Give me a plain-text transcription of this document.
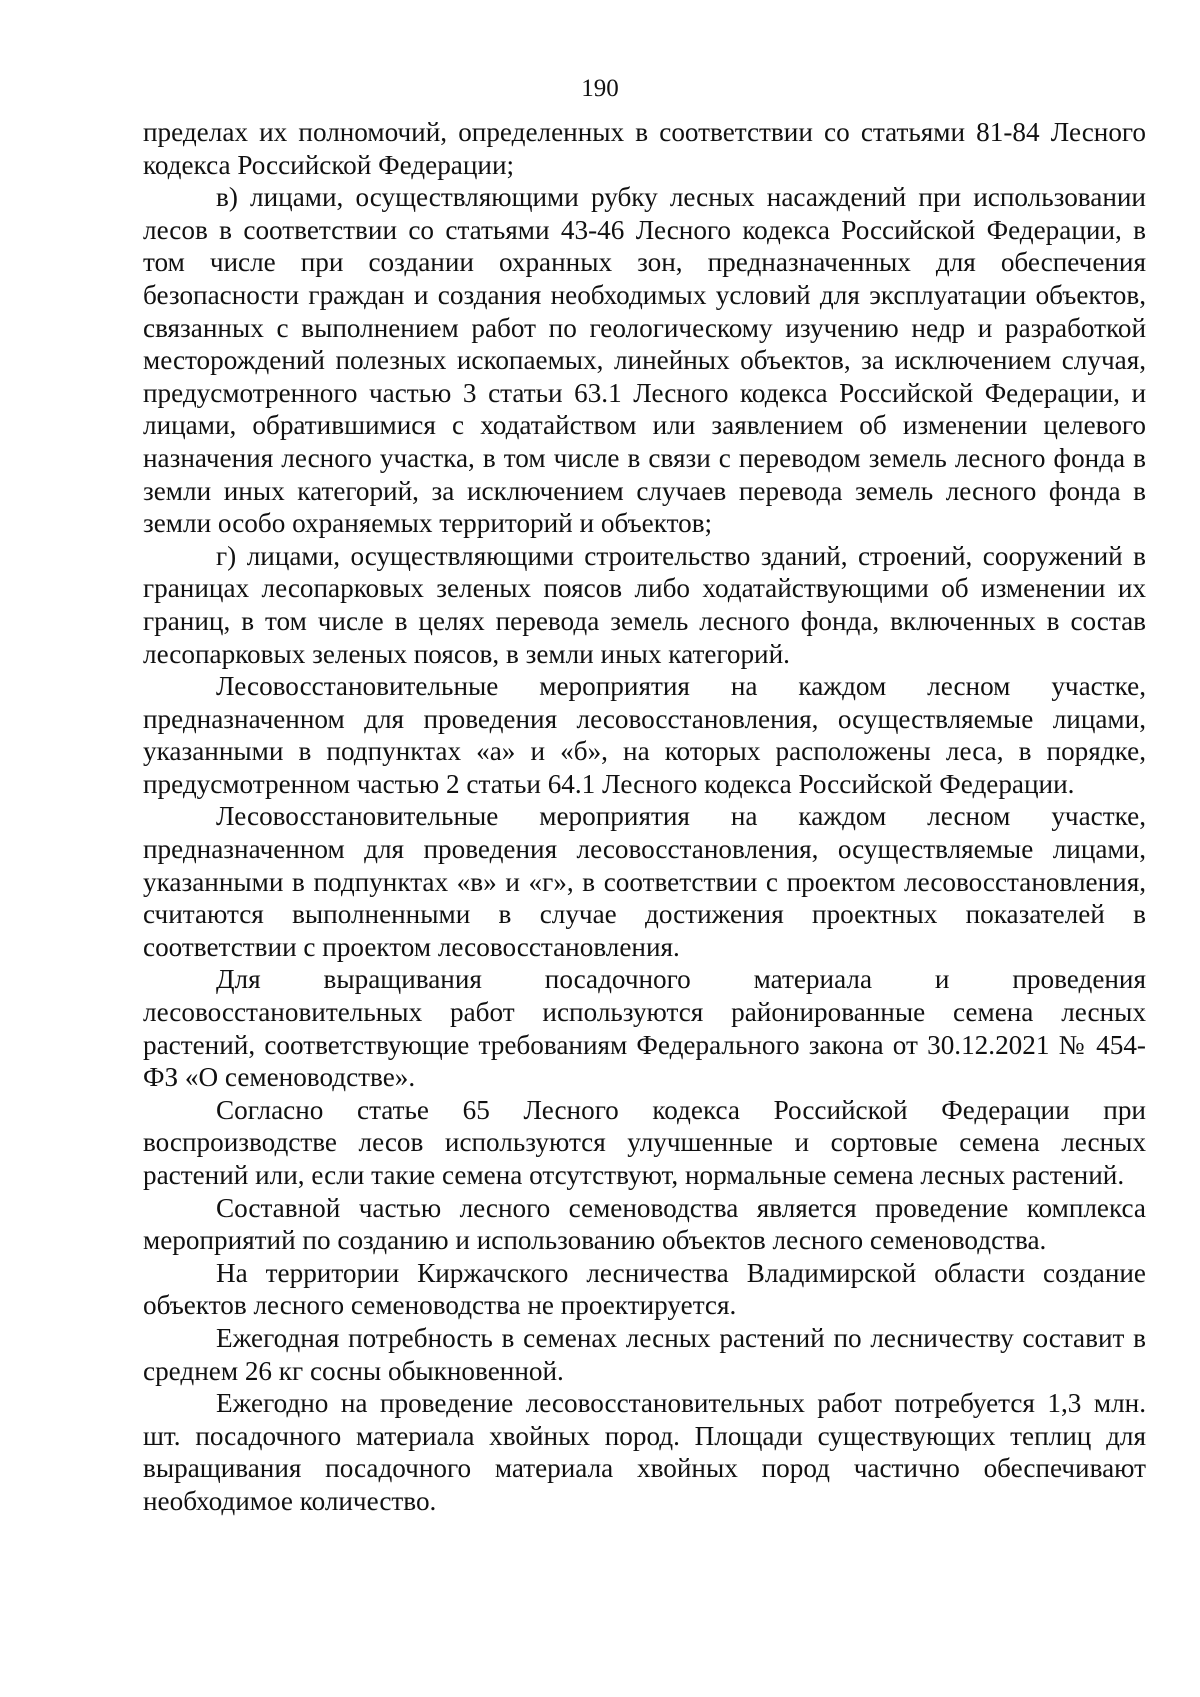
190

пределах их полномочий, определенных в соответствии со статьями 81-84 Лесного кодекса Российской Федерации;

в) лицами, осуществляющими рубку лесных насаждений при использовании лесов в соответствии со статьями 43-46 Лесного кодекса Российской Федерации, в том числе при создании охранных зон, предназначенных для обеспечения безопасности граждан и создания необходимых условий для эксплуатации объектов, связанных с выполнением работ по геологическому изучению недр и разработкой месторождений полезных ископаемых, линейных объектов, за исключением случая, предусмотренного частью 3 статьи 63.1 Лесного кодекса Российской Федерации, и лицами, обратившимися с ходатайством или заявлением об изменении целевого назначения лесного участка, в том числе в связи с переводом земель лесного фонда в земли иных категорий, за исключением случаев перевода земель лесного фонда в земли особо охраняемых территорий и объектов;

г) лицами, осуществляющими строительство зданий, строений, сооружений в границах лесопарковых зеленых поясов либо ходатайствующими об изменении их границ, в том числе в целях перевода земель лесного фонда, включенных в состав лесопарковых зеленых поясов, в земли иных категорий.

Лесовосстановительные мероприятия на каждом лесном участке, предназначенном для проведения лесовосстановления, осуществляемые лицами, указанными в подпунктах «а» и «б», на которых расположены леса, в порядке, предусмотренном частью 2 статьи 64.1 Лесного кодекса Российской Федерации.

Лесовосстановительные мероприятия на каждом лесном участке, предназначенном для проведения лесовосстановления, осуществляемые лицами, указанными в подпунктах «в» и «г», в соответствии с проектом лесовосстановления, считаются выполненными в случае достижения проектных показателей в соответствии с проектом лесовосстановления.

Для выращивания посадочного материала и проведения лесовосстановительных работ используются районированные семена лесных растений, соответствующие требованиям Федерального закона от 30.12.2021 № 454-ФЗ «О семеноводстве».

Согласно статье 65 Лесного кодекса Российской Федерации при воспроизводстве лесов используются улучшенные и сортовые семена лесных растений или, если такие семена отсутствуют, нормальные семена лесных растений.

Составной частью лесного семеноводства является проведение комплекса мероприятий по созданию и использованию объектов лесного семеноводства.

На территории Киржачского лесничества Владимирской области создание объектов лесного семеноводства не проектируется.

Ежегодная потребность в семенах лесных растений по лесничеству составит в среднем 26 кг сосны обыкновенной.

Ежегодно на проведение лесовосстановительных работ потребуется 1,3 млн. шт. посадочного материала хвойных пород. Площади существующих теплиц для выращивания посадочного материала хвойных пород частично обеспечивают необходимое количество.
